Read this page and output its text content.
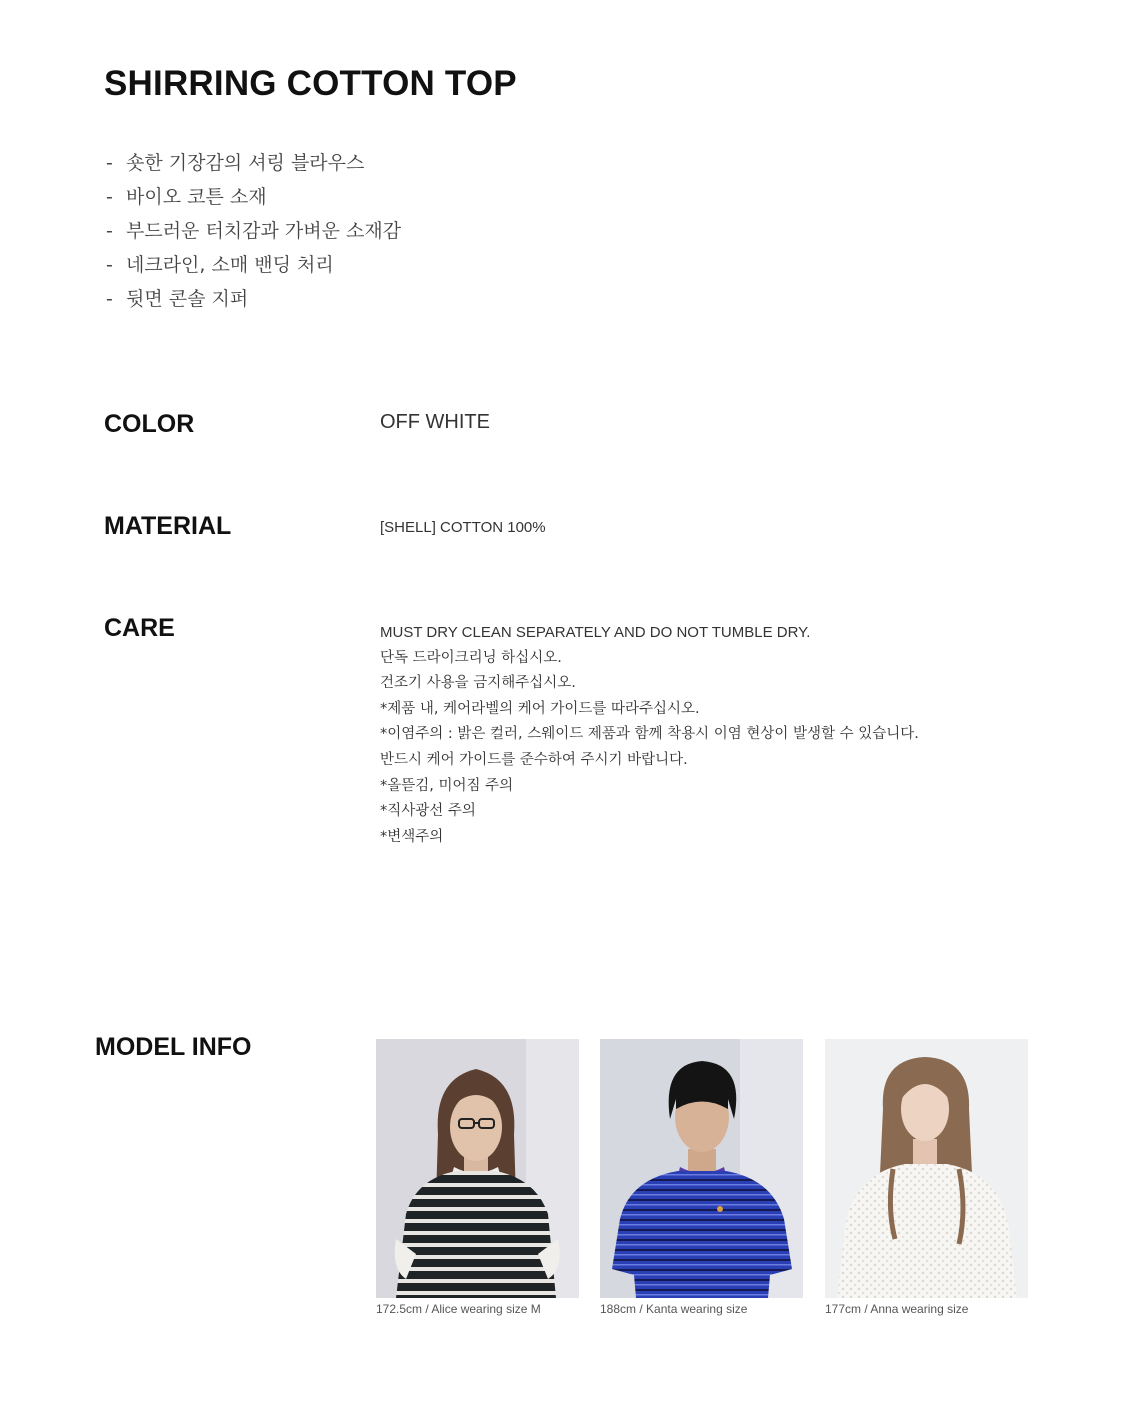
SHIRRING COTTON TOP
- 숏한 기장감의 셔링 블라우스
- 바이오 코튼 소재
- 부드러운 터치감과 가벼운 소재감
- 네크라인, 소매 밴딩 처리
- 뒷면 콘솔 지퍼
COLOR	OFF WHITE

MATERIAL	[SHELL] COTTON 100%

CARE	MUST DRY CLEAN SEPARATELY AND DO NOT TUMBLE DRY.
단독 드라이크리닝 하십시오.
건조기 사용을 금지해주십시오.
*제품 내, 케어라벨의 케어 가이드를 따라주십시오.
*이염주의 : 밝은 컬러, 스웨이드 제품과 함께 착용시 이염 현상이 발생할 수 있습니다.
반드시 케어 가이드를 준수하여 주시기 바랍니다.
*올뜯김, 미어짐 주의
*직사광선 주의
*변색주의
MODEL INFO
172.5cm / Alice wearing size M	188cm / Kanta wearing size	177cm / Anna wearing size
